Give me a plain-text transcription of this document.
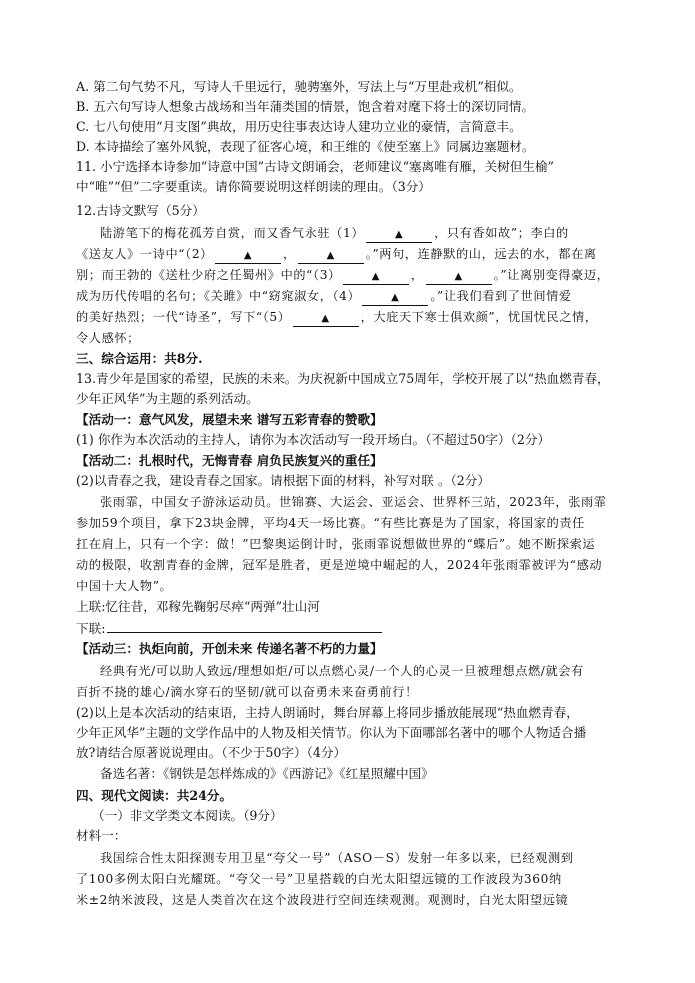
A. 第二句气势不凡，写诗人千里远行，驰骋塞外，写法上与“万里赴戎机”相似。
B. 五六句写诗人想象古战场和当年蒲类国的情景，饱含着对麾下将士的深切同情。
C. 七八句使用“月支图”典故，用历史往事表达诗人建功立业的豪情，言简意丰。
D. 本诗描绘了塞外风貌，表现了征客心境，和王维的《使至塞上》同属边塞题材。
11. 小宁选择本诗参加“诗意中国”古诗文朗诵会，老师建议“塞离唯有雁，关树但生榆”
中“唯”“但”二字要重读。请你简要说明这样朗读的理由。（3分）
12.古诗文默写（5分）
陆游笔下的梅花孤芳自赏，而又香气永驻（1）	▲	，只有香如故”；李白的
《送友人》一诗中“（2）	▲	，	▲	。”两句，连静默的山，远去的水，都在离
别；而王勃的《送杜少府之任蜀州》中的“（3）	▲	，	▲	。”让离别变得豪迈，
成为历代传唱的名句；《关雎》中“窈窕淑女，（4）	▲	。”让我们看到了世间情爱
的美好热烈；一代“诗圣”，写下“（5）	▲	，大庇天下寒士俱欢颜”，忧国忧民之情，
令人感怀；
三、综合运用：共8分.
13.青少年是国家的希望，民族的未来。为庆祝新中国成立75周年，学校开展了以“热血燃青春，
少年正风华”为主题的系列活动。
【活动一：意气风发，展望未来 谱写五彩青春的赞歌】
(1) 你作为本次活动的主持人，请你为本次活动写一段开场白。（不超过50字）（2分）
【活动二：扎根时代，无悔青春 肩负民族复兴的重任】
(2)以青春之我，建设青春之国家。请根据下面的材料，补写对联 。（2分）
张雨霏，中国女子游泳运动员。世锦赛、大运会、亚运会、世界杯三站，2023年，张雨霏
参加59个项目，拿下23块金牌，平均4天一场比赛。“有些比赛是为了国家，将国家的责任
扛在肩上，只有一个字：做！”巴黎奥运倒计时，张雨霏说想做世界的“蝶后”。她不断探索运
动的极限，收割青春的金牌，冠军是胜者，更是逆境中崛起的人，2024年张雨霏被评为“感动
中国十大人物”。
上联:忆往昔，邓稼先鞠躬尽瘁“两弹”壮山河
下联:
【活动三：执炬向前，开创未来 传递名著不朽的力量】
经典有光/可以助人致远/理想如炬/可以点燃心灵/一个人的心灵一旦被理想点燃/就会有
百折不挠的雄心/滴水穿石的坚韧/就可以奋勇未来奋勇前行！
(2)以上是本次活动的结束语，主持人朗诵时，舞台屏幕上将同步播放能展现“热血燃青春，
少年正风华”主题的文学作品中的人物及相关情节。你认为下面哪部名著中的哪个人物适合播
放?请结合原著说说理由。（不少于50字）（4分）
备选名著：《钢铁是怎样炼成的》《西游记》《红星照耀中国》
四、现代文阅读：共24分。
（一）非文学类文本阅读。（9分）
材料一：
我国综合性太阳探测专用卫星“夸父一号”（ASO－S）发射一年多以来，已经观测到
了100多例太阳白光耀斑。“夸父一号”卫星搭载的白光太阳望远镜的工作波段为360纳
米±2纳米波段，这是人类首次在这个波段进行空间连续观测。观测时，白光太阳望远镜
